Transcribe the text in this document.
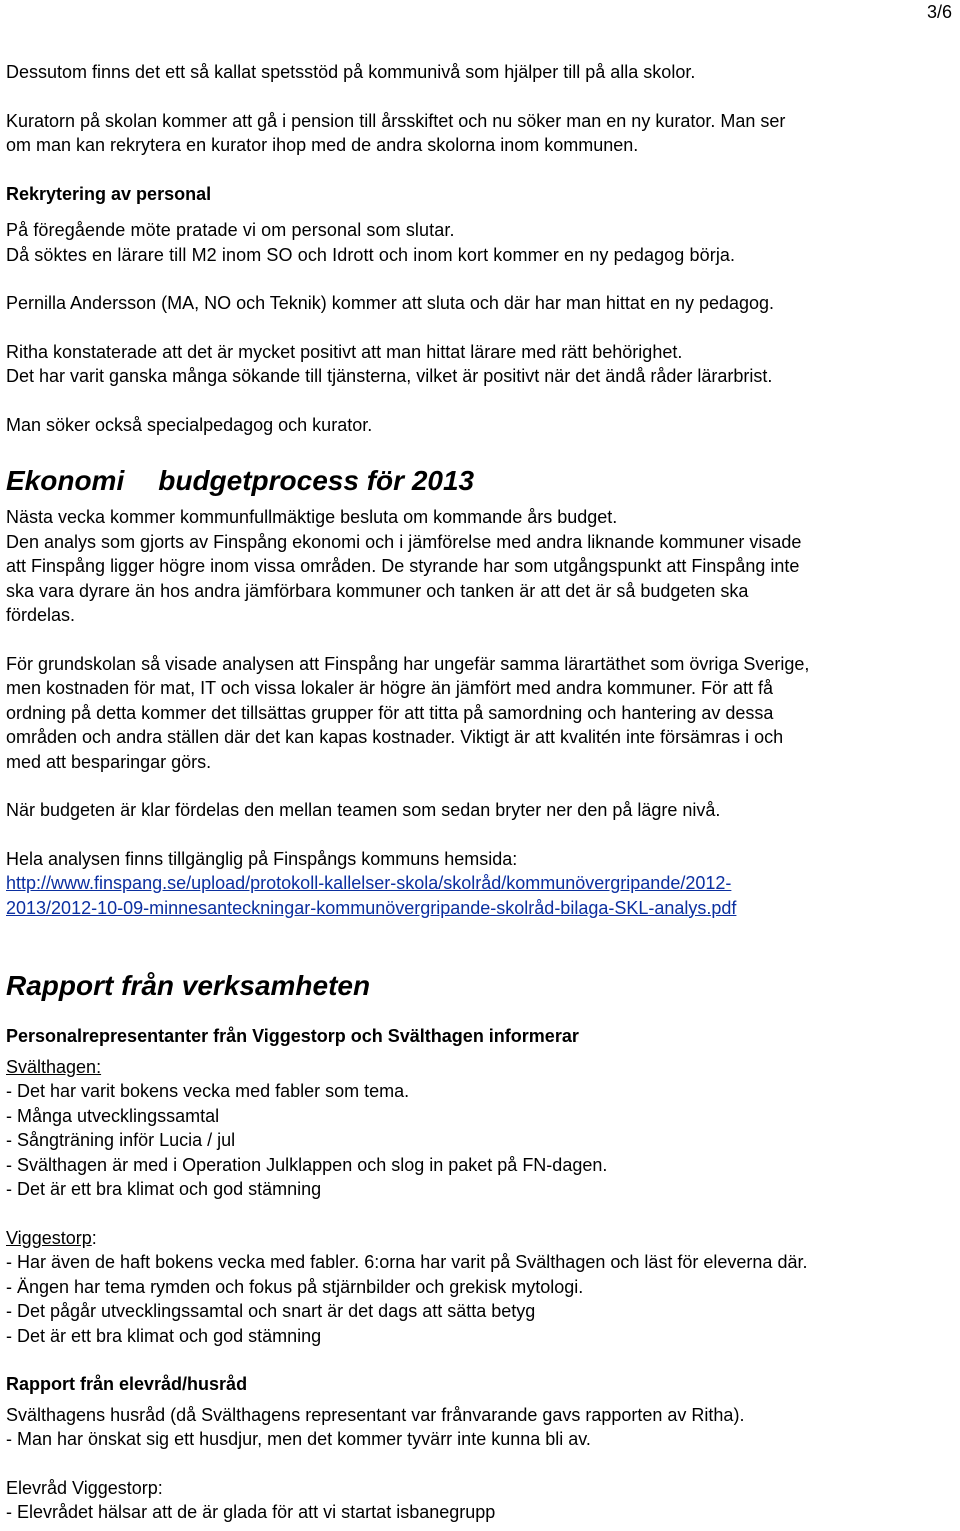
3/6

Dessutom finns det ett så kallat spetsstöd på kommunivå som hjälper till på alla skolor.

Kuratorn på skolan kommer att gå i pension till årsskiftet och nu söker man en ny kurator. Man ser

om man kan rekrytera en kurator ihop med de andra skolorna inom kommunen.

Rekrytering av personal

På föregående möte pratade vi om personal som slutar.

Då söktes en lärare till M2 inom SO och Idrott och inom kort kommer en ny pedagog börja.

Pernilla Andersson (MA, NO och Teknik) kommer att sluta och där har man hittat en ny pedagog.

Ritha konstaterade att det är mycket positivt att man hittat lärare med rätt behörighet.

Det har varit ganska många sökande till tjänsterna, vilket är positivt när det ändå råder lärarbrist.

Man söker också specialpedagog och kurator.

Ekonomi budgetprocess för 2013

Nästa vecka kommer kommunfullmäktige besluta om kommande års budget.

Den analys som gjorts av Finspång ekonomi och i jämförelse med andra liknande kommuner visade

att Finspång ligger högre inom vissa områden. De styrande har som utgångspunkt att Finspång inte

ska vara dyrare än hos andra jämförbara kommuner och tanken är att det är så budgeten ska

fördelas.

För grundskolan så visade analysen att Finspång har ungefär samma lärartäthet som övriga Sverige,

men kostnaden för mat, IT och vissa lokaler är högre än jämfört med andra kommuner. För att få

ordning på detta kommer det tillsättas grupper för att titta på samordning och hantering av dessa

områden och andra ställen där det kan kapas kostnader. Viktigt är att kvalitén inte försämras i och

med att besparingar görs.

När budgeten är klar fördelas den mellan teamen som sedan bryter ner den på lägre nivå.

Hela analysen finns tillgänglig på Finspångs kommuns hemsida:

http://www.finspang.se/upload/protokoll-kallelser-skola/skolråd/kommunövergripande/2012-

2013/2012-10-09-minnesanteckningar-kommunövergripande-skolråd-bilaga-SKL-analys.pdf

Rapport från verksamheten

Personalrepresentanter från Viggestorp och Svälthagen informerar

Svälthagen:

- Det har varit bokens vecka med fabler som tema.

- Många utvecklingssamtal

- Sångträning inför Lucia / jul

- Svälthagen är med i Operation Julklappen och slog in paket på FN-dagen.

- Det är ett bra klimat och god stämning

Viggestorp:

- Har även de haft bokens vecka med fabler. 6:orna har varit på Svälthagen och läst för eleverna där.

- Ängen har tema rymden och fokus på stjärnbilder och grekisk mytologi.

- Det pågår utvecklingssamtal och snart är det dags att sätta betyg

- Det är ett bra klimat och god stämning

Rapport från elevråd/husråd

Svälthagens husråd (då Svälthagens representant var frånvarande gavs rapporten av Ritha).

- Man har önskat sig ett husdjur, men det kommer tyvärr inte kunna bli av.

Elevråd Viggestorp:

- Elevrådet hälsar att de är glada för att vi startat isbanegrupp
